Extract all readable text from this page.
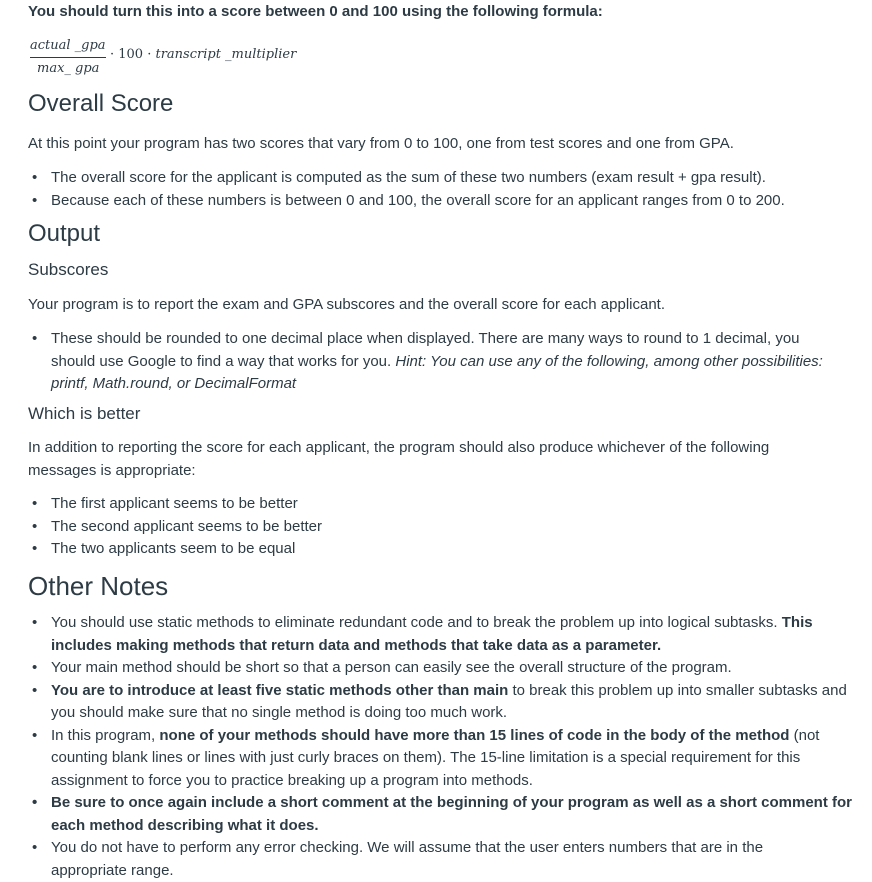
You should turn this into a score between 0 and 100 using the following formula:
actual _gpa
max_ gpa
· 100 · transcript _multiplier
Overall Score

At this point your program has two scores that vary from 0 to 100, one from test scores and one from GPA.

• The overall score for the applicant is computed as the sum of these two numbers (exam result + gpa result).
• Because each of these numbers is between 0 and 100, the overall score for an applicant ranges from 0 to 200.
Output
Subscores

Your program is to report the exam and GPA subscores and the overall score for each applicant.

• These should be rounded to one decimal place when displayed. There are many ways to round to 1 decimal, you
should use Google to find a way that works for you. Hint: You can use any of the following, among other possibilities:
printf, Math.round, or DecimalFormat
Which is better

In addition to reporting the score for each applicant, the program should also produce whichever of the following
messages is appropriate:

• The first applicant seems to be better
• The second applicant seems to be better
• The two applicants seem to be equal
Other Notes
• You should use static methods to eliminate redundant code and to break the problem up into logical subtasks. This
includes making methods that return data and methods that take data as a parameter.
• Your main method should be short so that a person can easily see the overall structure of the program.
• You are to introduce at least five static methods other than main to break this problem up into smaller subtasks and
you should make sure that no single method is doing too much work.
• In this program, none of your methods should have more than 15 lines of code in the body of the method (not
counting blank lines or lines with just curly braces on them). The 15-line limitation is a special requirement for this
assignment to force you to practice breaking up a program into methods.
• Be sure to once again include a short comment at the beginning of your program as well as a short comment for
each method describing what it does.
• You do not have to perform any error checking. We will assume that the user enters numbers that are in the
appropriate range.
